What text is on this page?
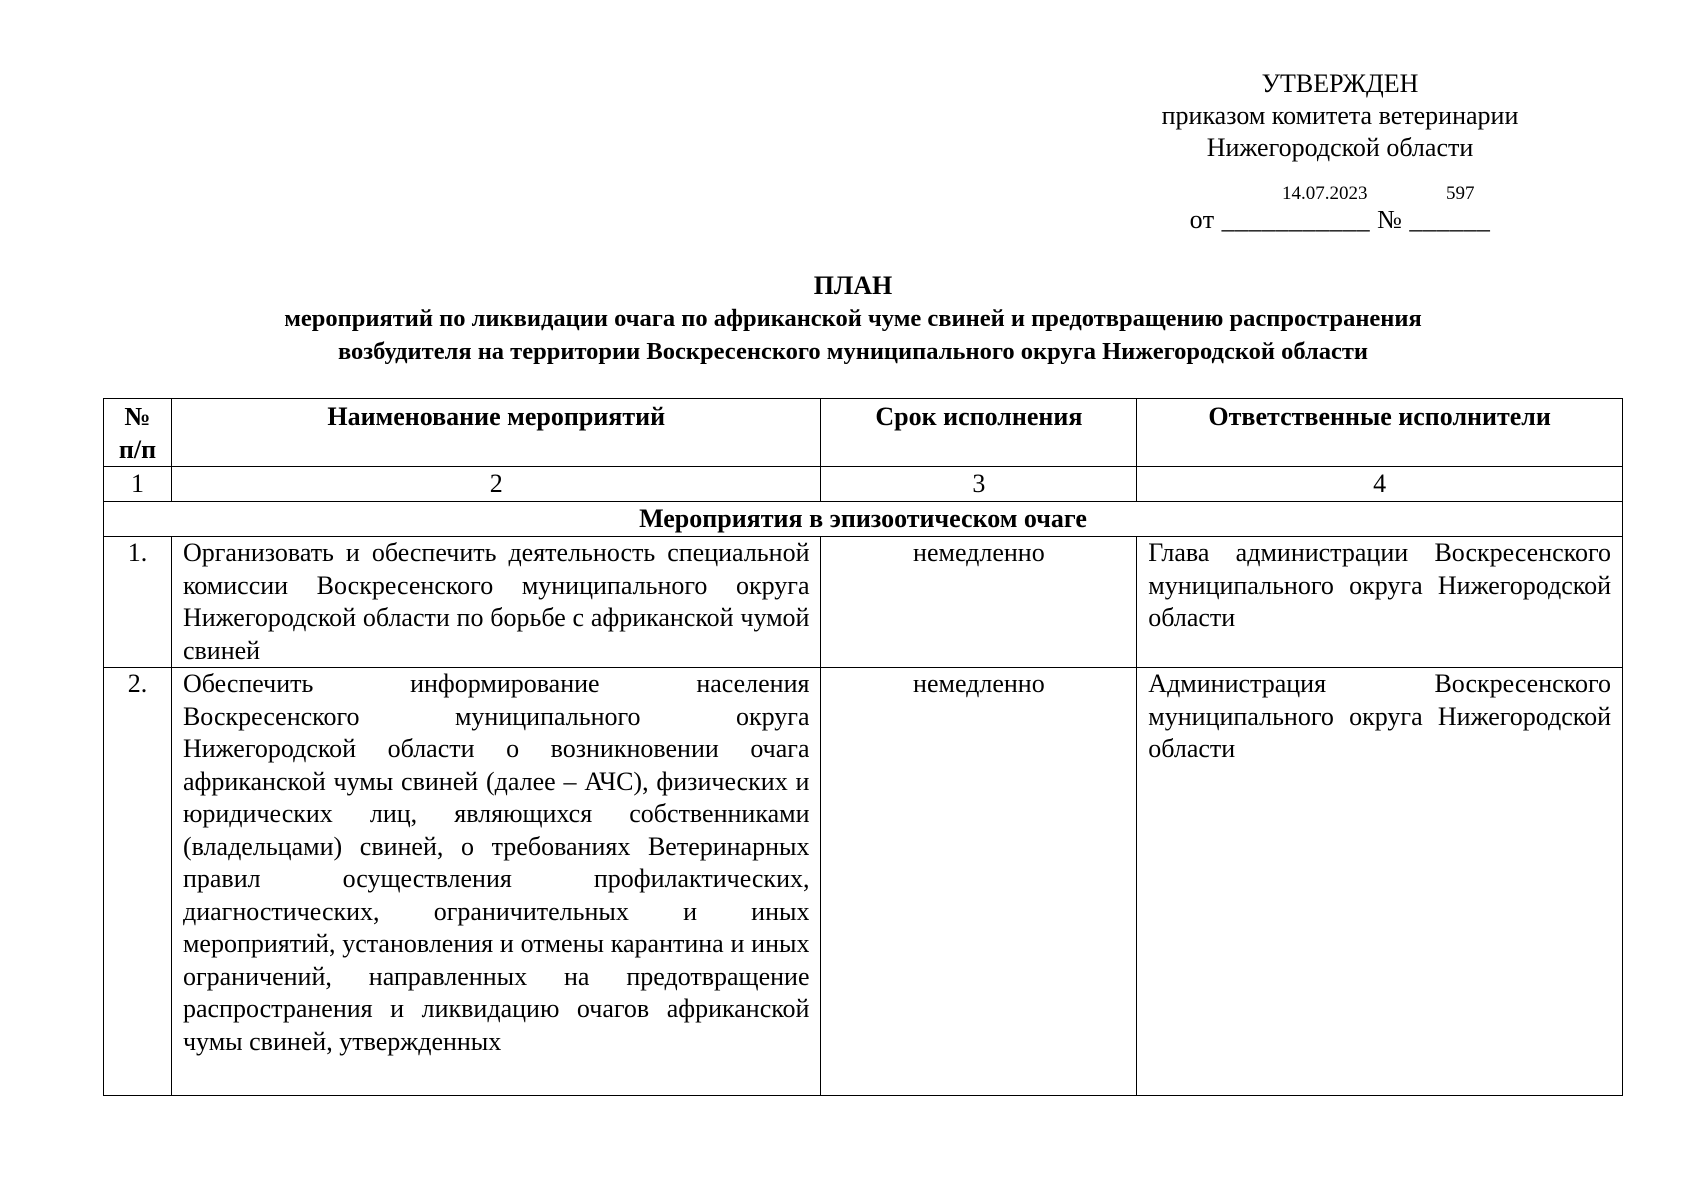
УТВЕРЖДЕН
приказом комитета ветеринарии
Нижегородской области
14.07.2023	597
от ___________ № ______
ПЛАН
мероприятий по ликвидации очага по африканской чуме свиней и предотвращению распространения
возбудителя на территории Воскресенского муниципального округа Нижегородской области
№ п/п	Наименование мероприятий	Срок исполнения	Ответственные исполнители
1	2	3	4
Мероприятия в эпизоотическом очаге			
1.	Организовать и обеспечить деятельность специальной комиссии Воскресенского муниципального округа Нижегородской области по борьбе с африканской чумой свиней	немедленно	Глава администрации Воскресенского муниципального округа Нижегородской области
2.	Обеспечить информирование населения Воскресенского муниципального округа Нижегородской области о возникновении очага африканской чумы свиней (далее – АЧС), физических и юридических лиц, являющихся собственниками (владельцами) свиней, о требованиях Ветеринарных правил осуществления профилактических, диагностических, ограничительных и иных мероприятий, установления и отмены карантина и иных ограничений, направленных на предотвращение распространения и ликвидацию очагов африканской чумы свиней, утвержденных	немедленно	Администрация Воскресенского муниципального округа Нижегородской области
